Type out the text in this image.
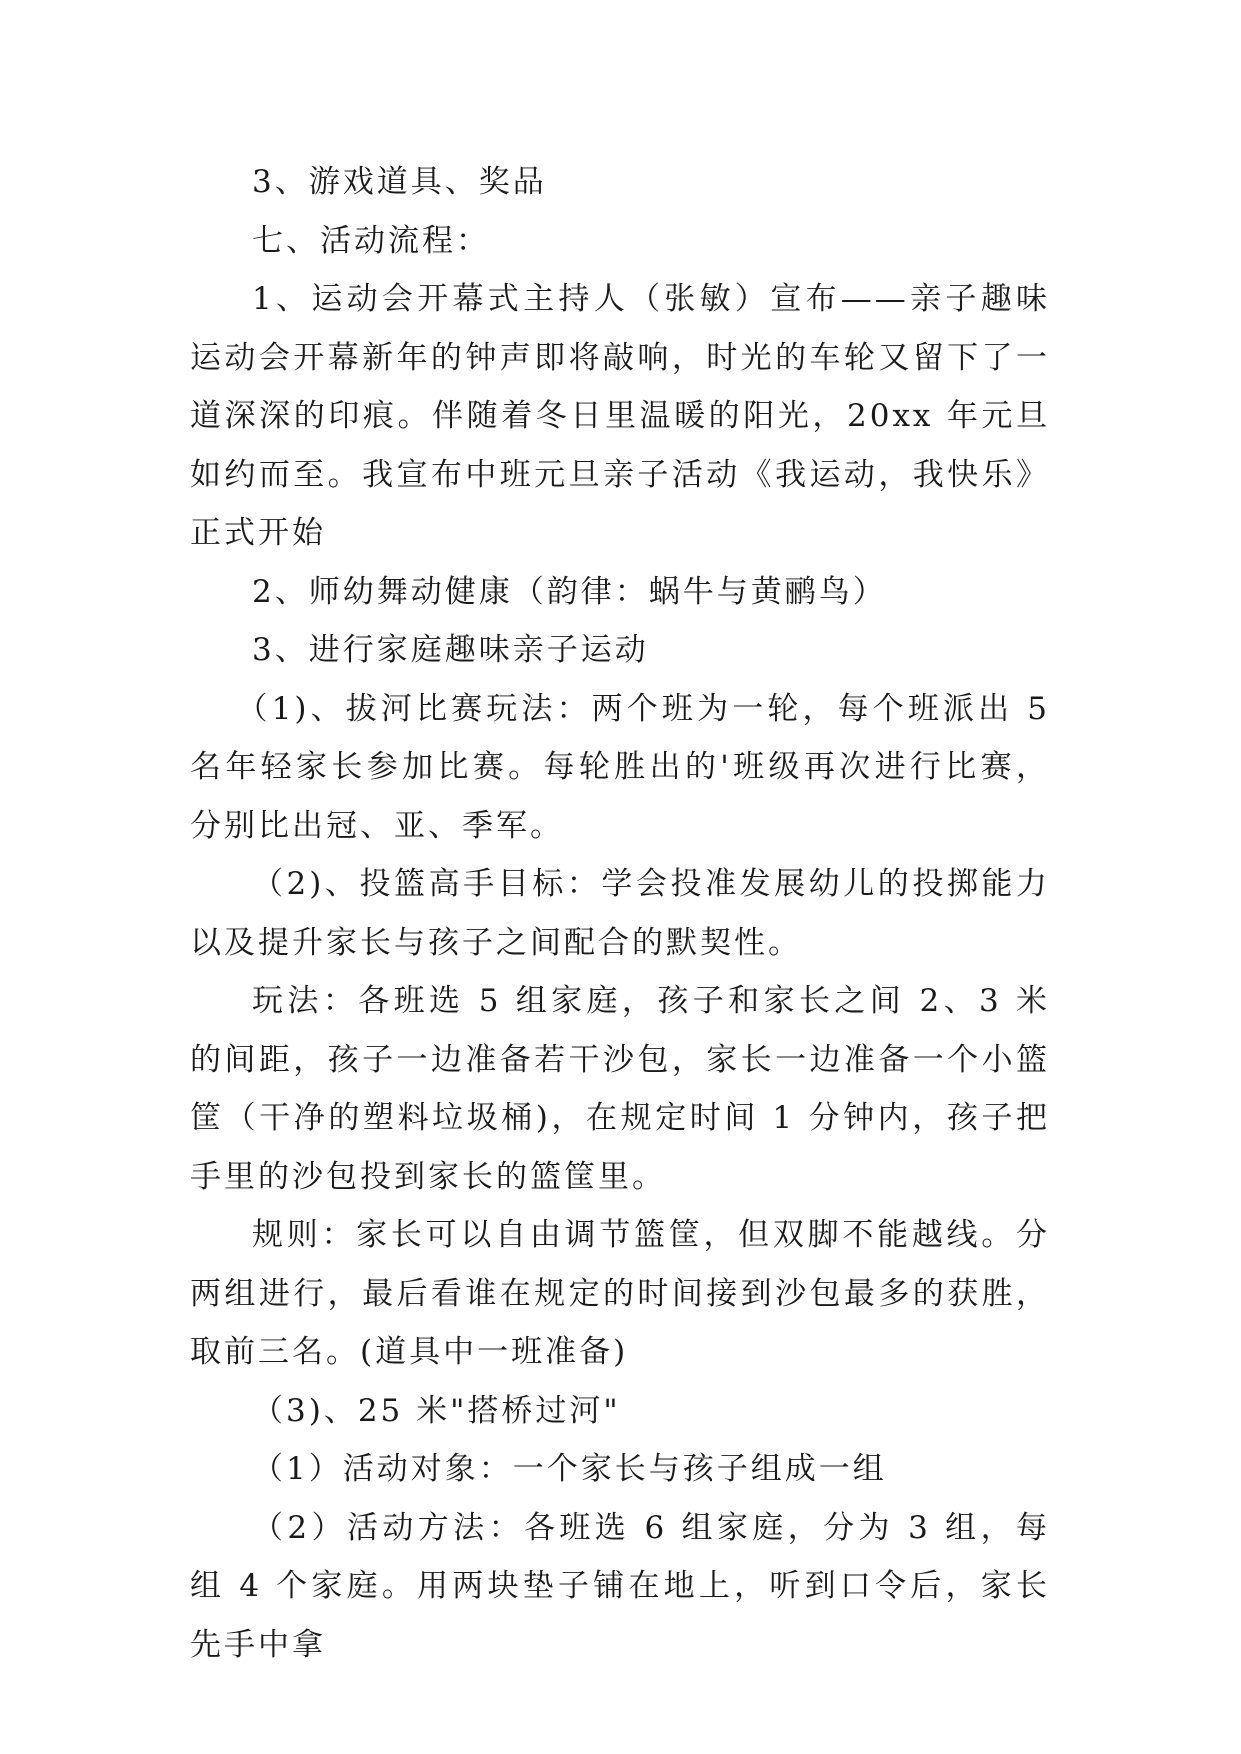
3、游戏道具、奖品

七、活动流程：

1、运动会开幕式主持人（张敏）宣布——亲子趣味运动会开幕新年的钟声即将敲响，时光的车轮又留下了一道深深的印痕。伴随着冬日里温暖的阳光，20xx 年元旦如约而至。我宣布中班元旦亲子活动《我运动，我快乐》正式开始

2、师幼舞动健康（韵律：蜗牛与黄鹂鸟）

3、进行家庭趣味亲子运动

（1)、拔河比赛玩法：两个班为一轮，每个班派出 5 名年轻家长参加比赛。每轮胜出的'班级再次进行比赛，分别比出冠、亚、季军。

（2)、投篮高手目标：学会投准发展幼儿的投掷能力以及提升家长与孩子之间配合的默契性。

玩法：各班选 5 组家庭，孩子和家长之间 2、3 米的间距，孩子一边准备若干沙包，家长一边准备一个小篮筐（干净的塑料垃圾桶)，在规定时间 1 分钟内，孩子把手里的沙包投到家长的篮筐里。

规则：家长可以自由调节篮筐，但双脚不能越线。分两组进行，最后看谁在规定的时间接到沙包最多的获胜，取前三名。(道具中一班准备)

（3)、25 米"搭桥过河"

（1）活动对象：一个家长与孩子组成一组

（2）活动方法：各班选 6 组家庭，分为 3 组，每组 4 个家庭。用两块垫子铺在地上，听到口令后，家长先手中拿
